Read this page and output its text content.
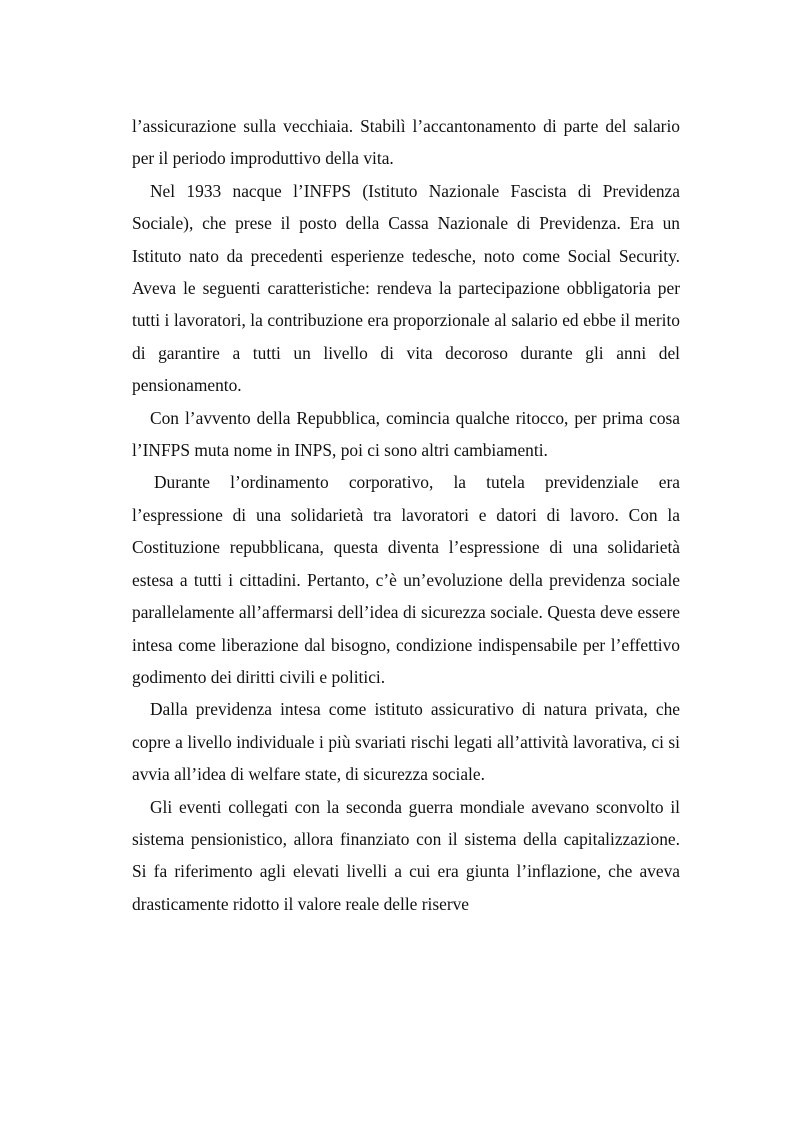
l’assicurazione sulla vecchiaia. Stabilì l’accantonamento di parte del salario per il periodo improduttivo della vita.

Nel 1933 nacque l’INFPS (Istituto Nazionale Fascista di Previdenza Sociale), che prese il posto della Cassa Nazionale di Previdenza. Era un Istituto nato da precedenti esperienze tedesche, noto come Social Security. Aveva le seguenti caratteristiche: rendeva la partecipazione obbligatoria per tutti i lavoratori, la contribuzione era proporzionale al salario ed ebbe il merito di garantire a tutti un livello di vita decoroso durante gli anni del pensionamento.

Con l’avvento della Repubblica, comincia qualche ritocco, per prima cosa l’INFPS muta nome in INPS, poi ci sono altri cambiamenti.

Durante l’ordinamento corporativo, la tutela previdenziale era l’espressione di una solidarietà tra lavoratori e datori di lavoro. Con la Costituzione repubblicana, questa diventa l’espressione di una solidarietà estesa a tutti i cittadini. Pertanto, c’è un’evoluzione della previdenza sociale parallelamente all’affermarsi dell’idea di sicurezza sociale. Questa deve essere intesa come liberazione dal bisogno, condizione indispensabile per l’effettivo godimento dei diritti civili e politici.

Dalla previdenza intesa come istituto assicurativo di natura privata, che copre a livello individuale i più svariati rischi legati all’attività lavorativa, ci si avvia all’idea di welfare state, di sicurezza sociale.

Gli eventi collegati con la seconda guerra mondiale avevano sconvolto il sistema pensionistico, allora finanziato con il sistema della capitalizzazione. Si fa riferimento agli elevati livelli a cui era giunta l’inflazione, che aveva drasticamente ridotto il valore reale delle riserve
